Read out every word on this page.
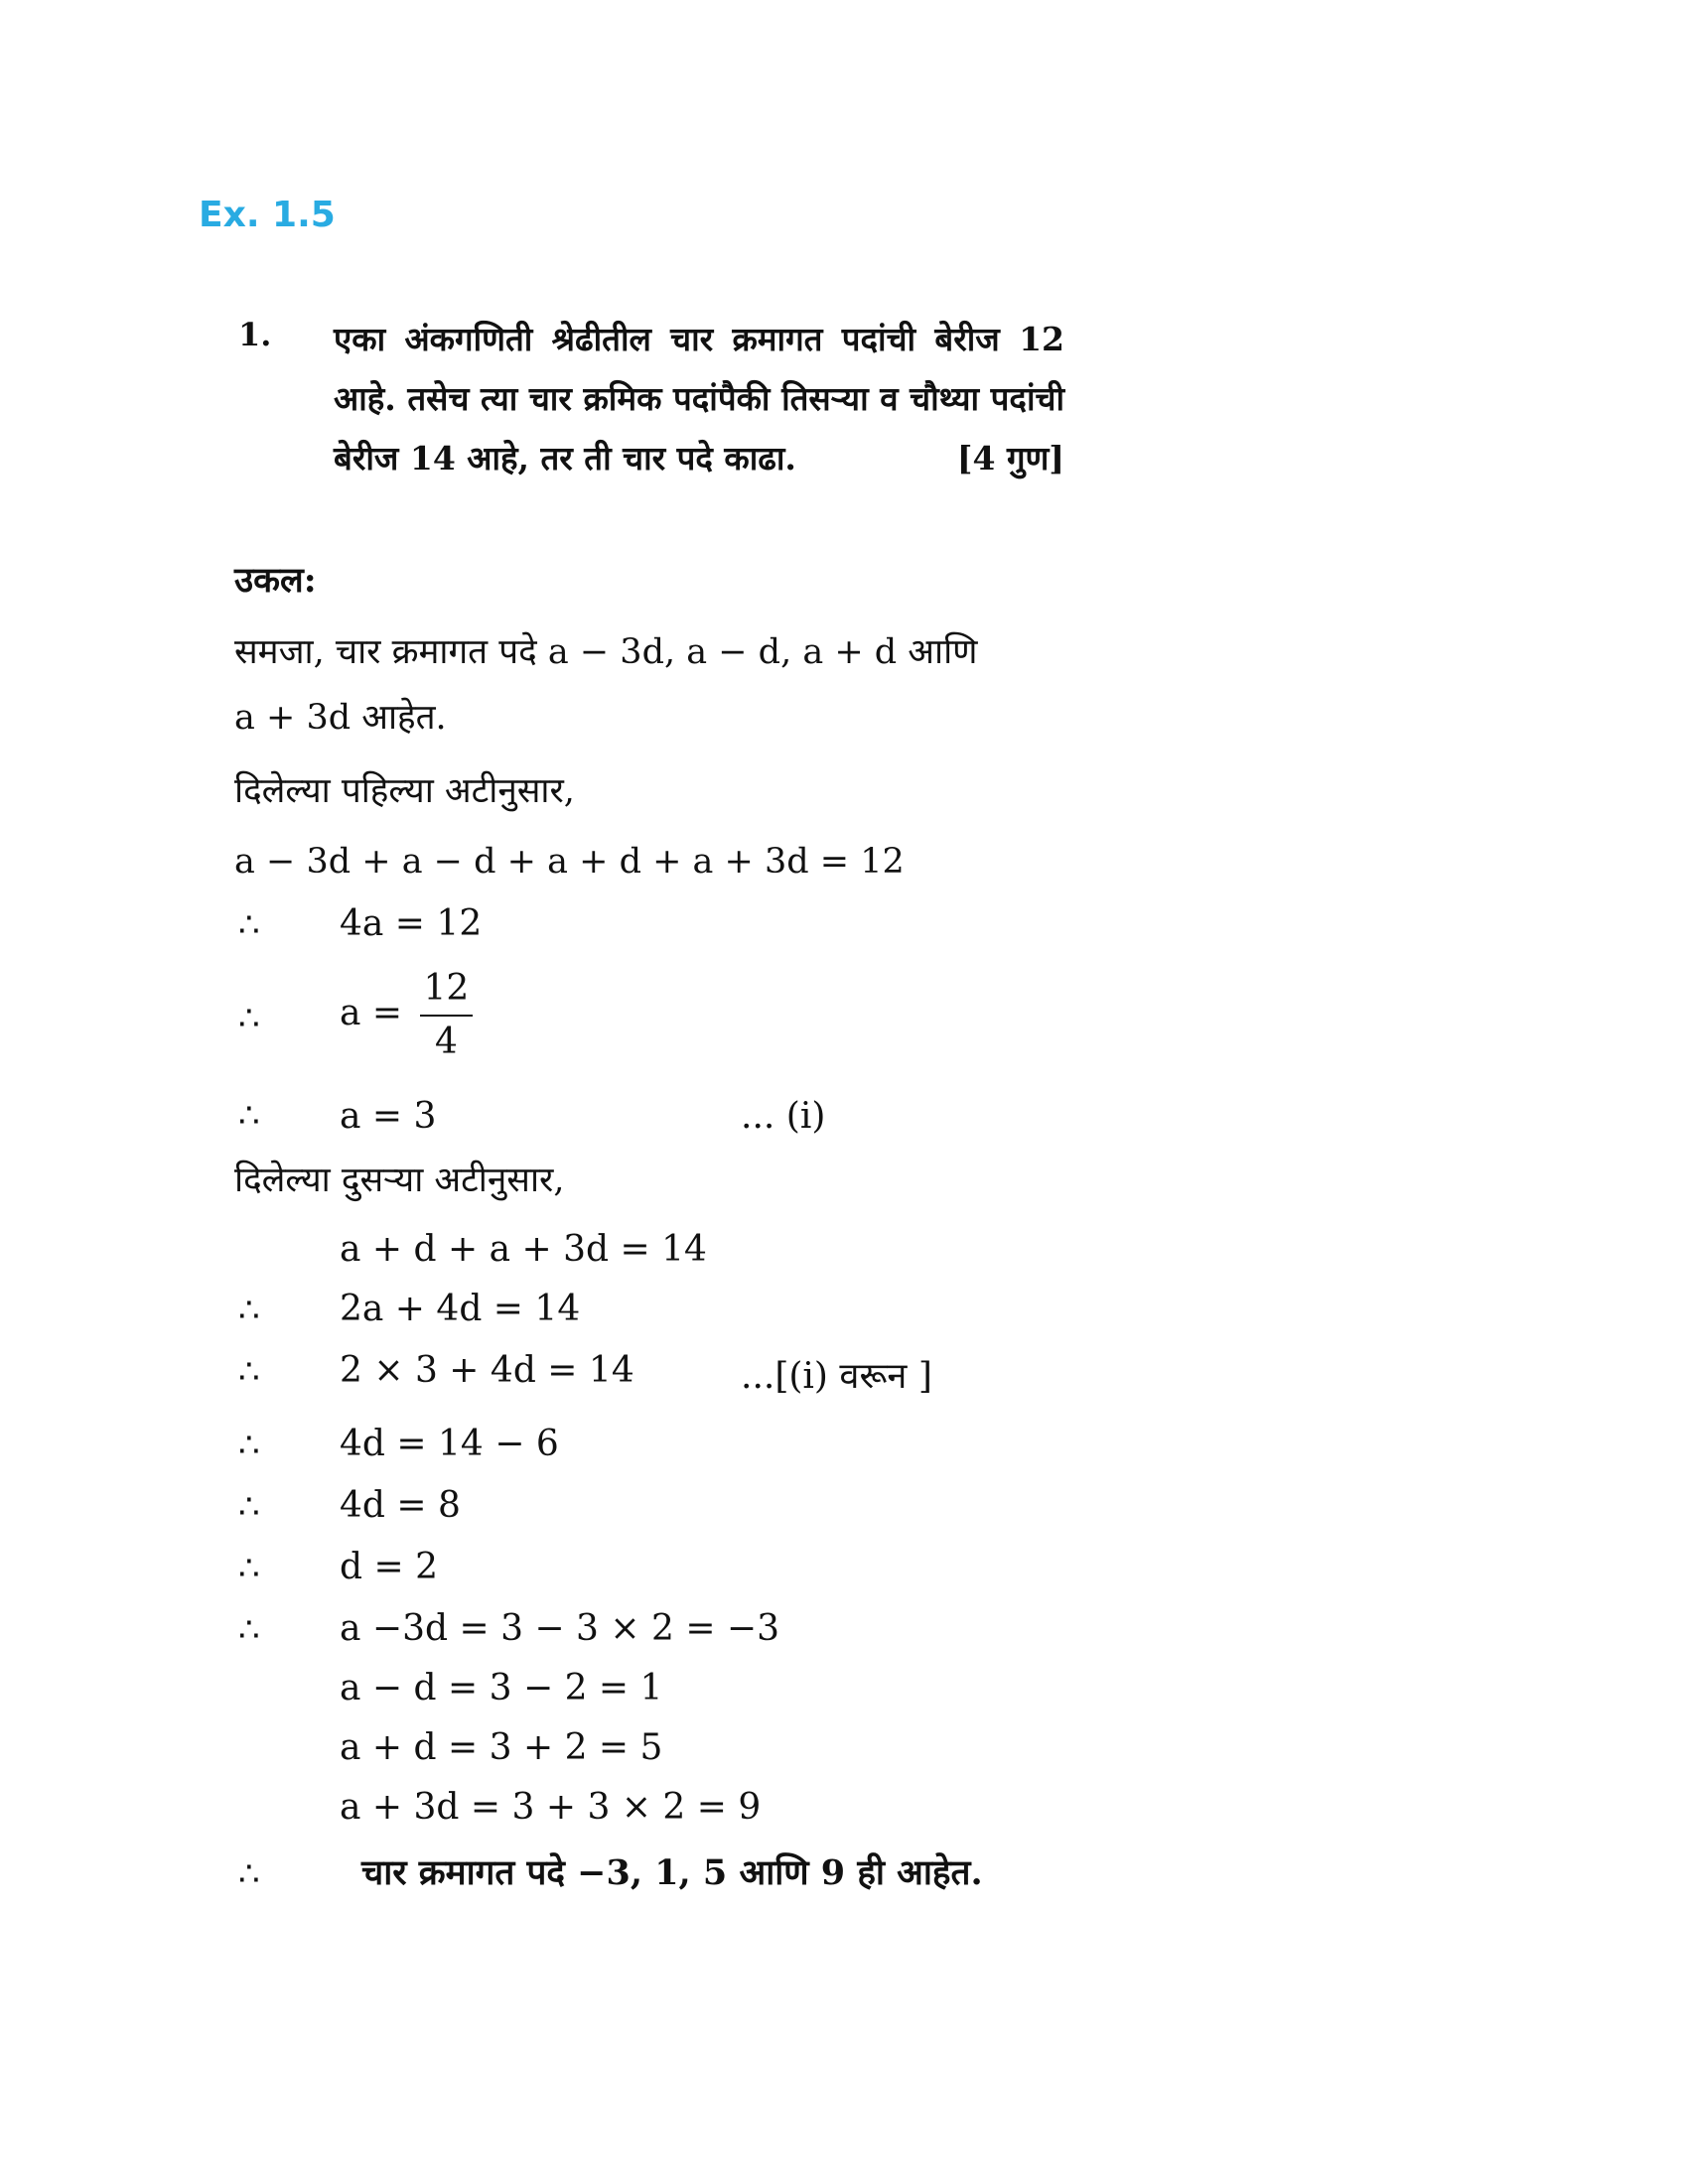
Ex. 1.5
1. एका अंकगणिती श्रेढीतील चार क्रमागत पदांची बेरीज 12 आहे. तसेच त्या चार क्रमिक पदांपैकी तिसऱ्या व चौथ्या पदांची बेरीज 14 आहे, तर ती चार पदे काढा.	[4 गुण]
उकल:
समजा, चार क्रमागत पदे a − 3d, a − d, a + d आणि
a + 3d आहेत.
दिलेल्या पहिल्या अटीनुसार,
a − 3d + a − d + a + d + a + 3d = 12
∴ 4a = 12
∴ $a = \frac{12}{4}$
∴ a = 3	... (i)
दिलेल्या दुसऱ्या अटीनुसार,
a + d + a + 3d = 14
∴ 2a + 4d = 14
∴ 2 × 3 + 4d = 14	...[(i) वरून ]
∴ 4d = 14 − 6
∴ 4d = 8
∴ d = 2
∴ a −3d = 3 − 3 × 2 = −3
a − d = 3 − 2 = 1
a + d = 3 + 2 = 5
a + 3d = 3 + 3 × 2 = 9
∴	चार क्रमागत पदे −3, 1, 5 आणि 9 ही आहेत.
